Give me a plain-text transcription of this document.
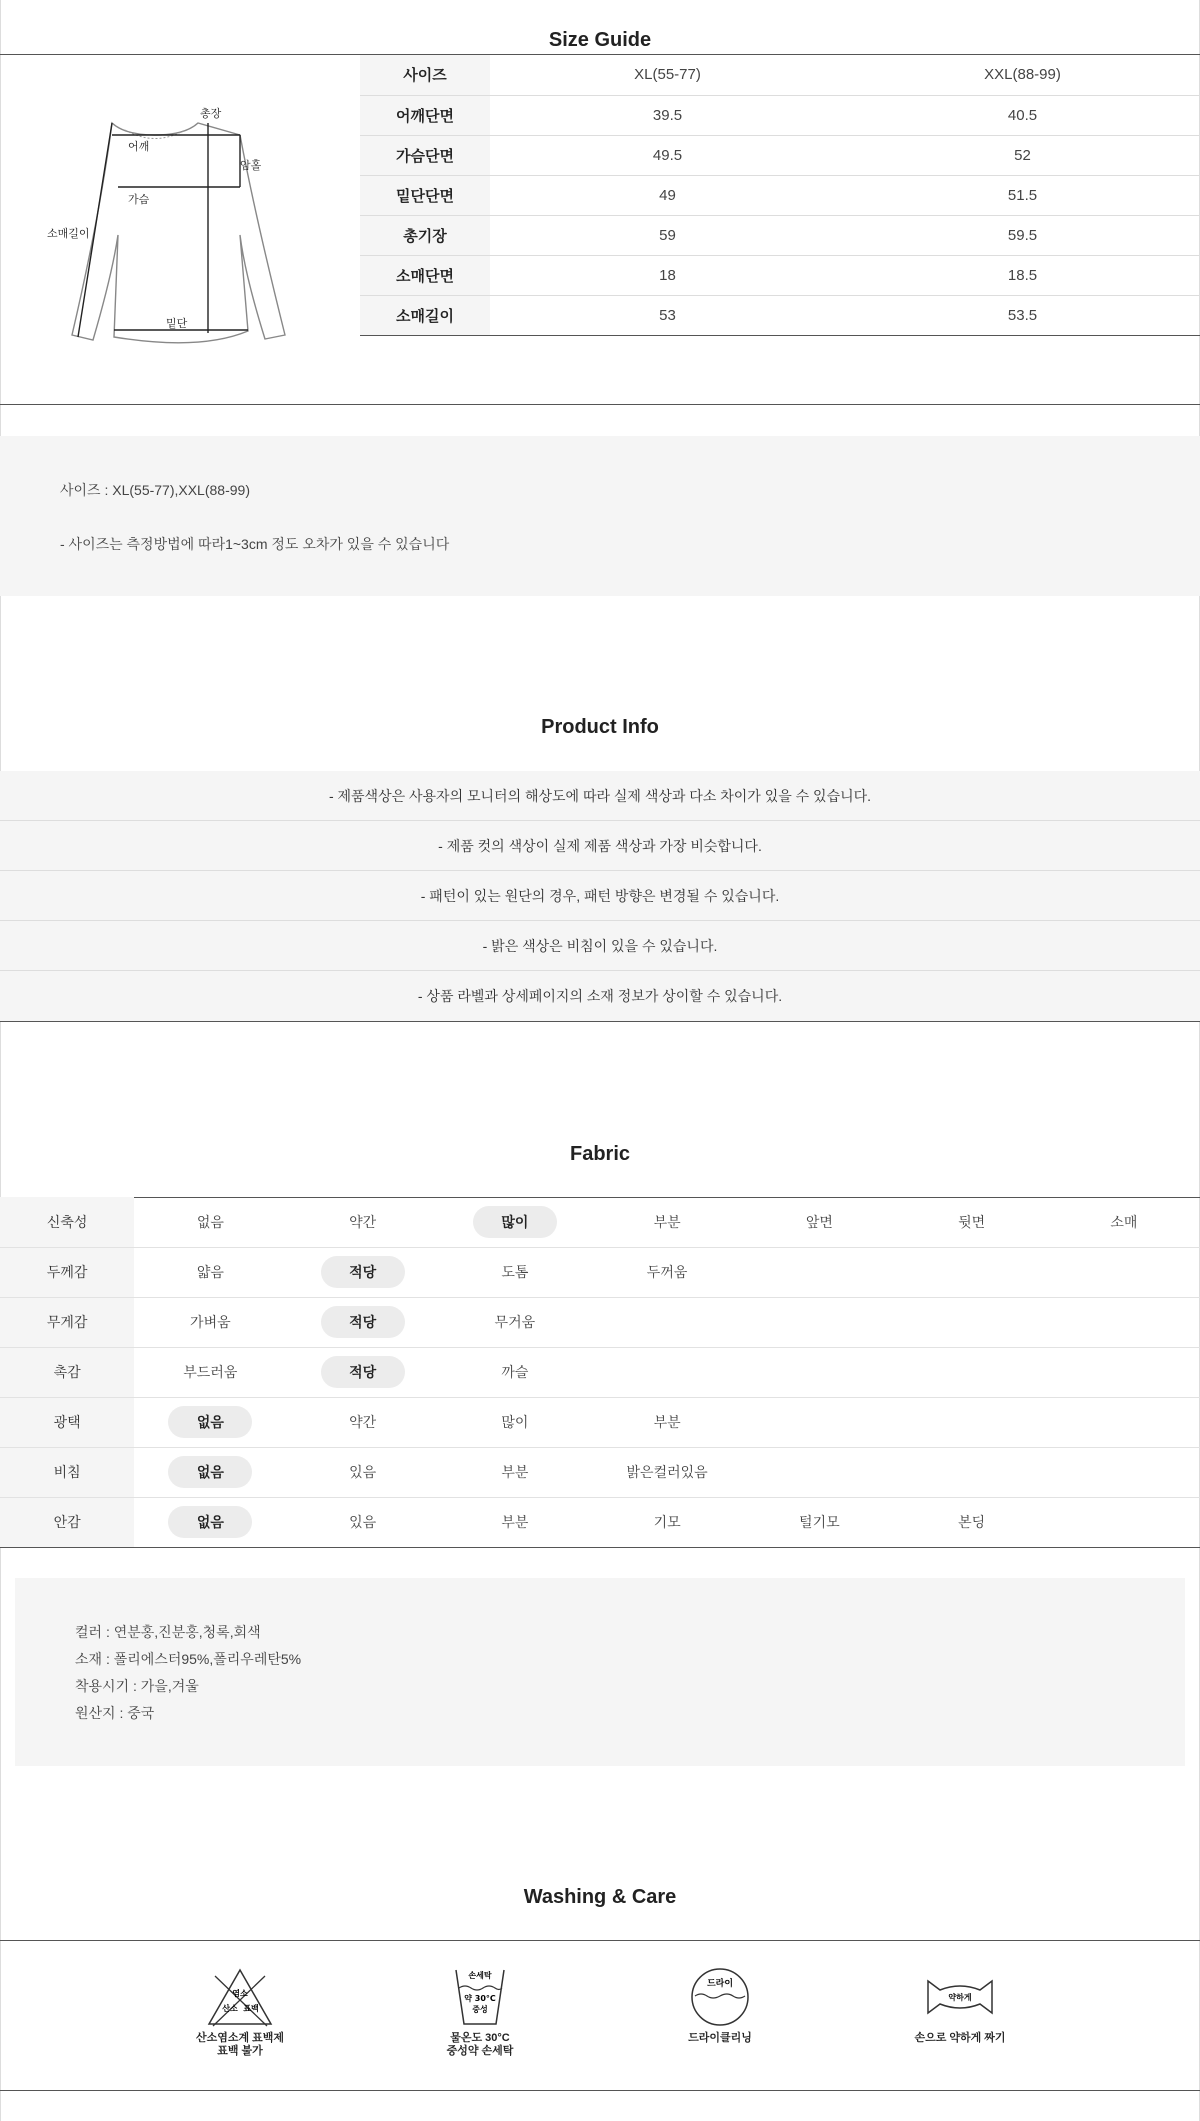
Size Guide
총장
어깨
암홀
가슴
소매길이
밑단
사이즈	XL(55-77)	XXL(88-99)
어깨단면	39.5	40.5
가슴단면	49.5	52
밑단단면	49	51.5
총기장	59	59.5
소매단면	18	18.5
소매길이	53	53.5

사이즈 : XL(55-77),XXL(88-99)

- 사이즈는 측정방법에 따라1~3cm 정도 오차가 있을 수 있습니다

Product Info
- 제품색상은 사용자의 모니터의 해상도에 따라 실제 색상과 다소 차이가 있을 수 있습니다.
- 제품 컷의 색상이 실제 제품 색상과 가장 비슷합니다.
- 패턴이 있는 원단의 경우, 패턴 방향은 변경될 수 있습니다.
- 밝은 색상은 비침이 있을 수 있습니다.
- 상품 라벨과 상세페이지의 소재 정보가 상이할 수 있습니다.
Fabric
신축성	없음	약간	많이	부분	앞면	뒷면	소매
두께감	얇음	적당	도톰	두꺼움			
무게감	가벼움	적당	무거움				
촉감	부드러움	적당	까슬				
광택	없음	약간	많이	부분			
비침	없음	있음	부분	밝은컬러있음			
안감	없음	있음	부분	기모	털기모	본딩	

컬러 : 연분홍,진분홍,청록,회색

소재 : 폴리에스터95%,폴리우레탄5%

착용시기 : 가을,겨울

원산지 : 중국

Washing & Care
염소
산소 표백
산소염소계 표백제
표백 불가
손세탁
약 30°C
중성
물온도 30°C
중성약 손세탁
드라이
드라이클리닝
약하게
손으로 약하게 짜기
